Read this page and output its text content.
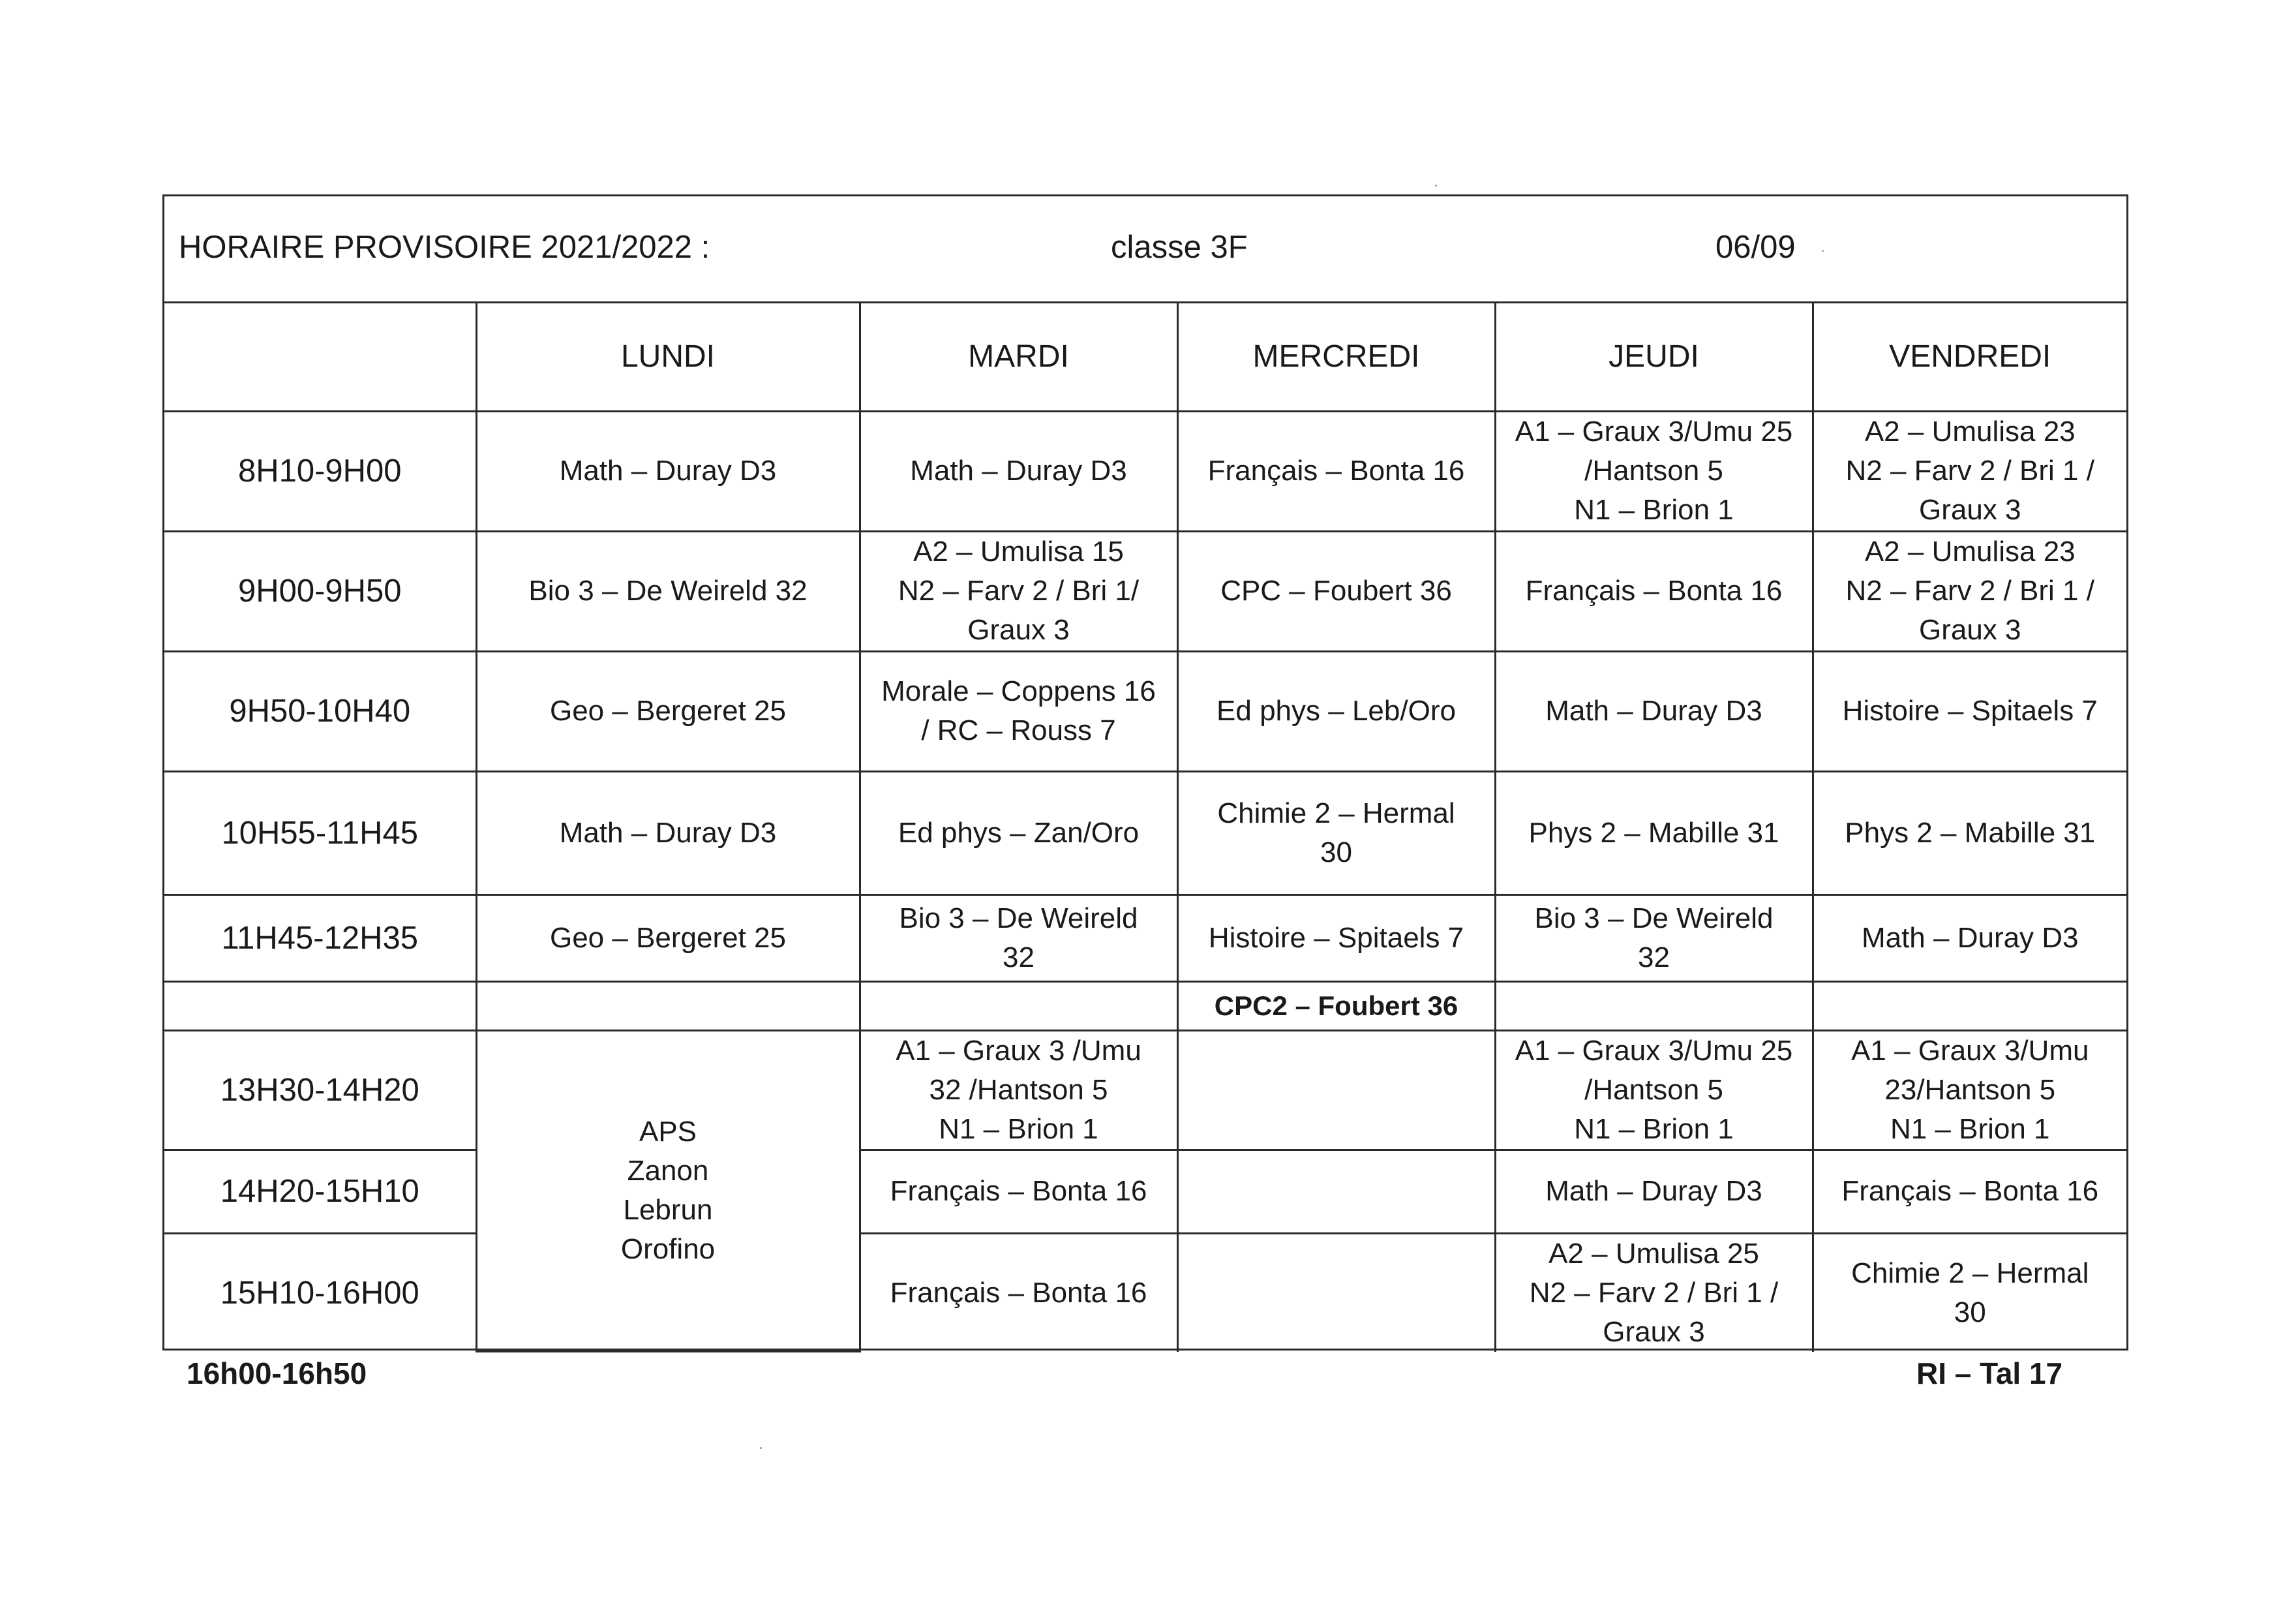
HORAIRE PROVISOIRE 2021/2022 :	classe 3F	06/09
	LUNDI	MARDI	MERCREDI	JEUDI	VENDREDI
8H10-9H00	Math – Duray D3	Math – Duray D3	Français – Bonta 16	A1 – Graux 3/Umu 25
/Hantson 5
N1 – Brion 1	A2 – Umulisa 23
N2 – Farv 2 / Bri 1 /
Graux 3
9H00-9H50	Bio 3 – De Weireld 32	A2 – Umulisa 15
N2 – Farv 2 / Bri 1/
Graux 3	CPC – Foubert 36	Français – Bonta 16	A2 – Umulisa 23
N2 – Farv 2 / Bri 1 /
Graux 3
9H50-10H40	Geo – Bergeret 25	Morale – Coppens 16
/ RC – Rouss 7	Ed phys – Leb/Oro	Math – Duray D3	Histoire – Spitaels 7
10H55-11H45	Math – Duray D3	Ed phys – Zan/Oro	Chimie 2 – Hermal
30	Phys 2 – Mabille 31	Phys 2 – Mabille 31
11H45-12H35	Geo – Bergeret 25	Bio 3 – De Weireld
32	Histoire – Spitaels 7	Bio 3 – De Weireld
32	Math – Duray D3
			CPC2 – Foubert 36		
13H30-14H20	APS
Zanon
Lebrun
Orofino	A1 – Graux 3 /Umu
32 /Hantson 5
N1 – Brion 1		A1 – Graux 3/Umu 25
/Hantson 5
N1 – Brion 1	A1 – Graux 3/Umu
23/Hantson 5
N1 – Brion 1
14H20-15H10		Français – Bonta 16		Math – Duray D3	Français – Bonta 16
15H10-16H00		Français – Bonta 16		A2 – Umulisa 25
N2 – Farv 2 / Bri 1 /
Graux 3	Chimie 2 – Hermal
30
16h00-16h50	RI – Tal 17
